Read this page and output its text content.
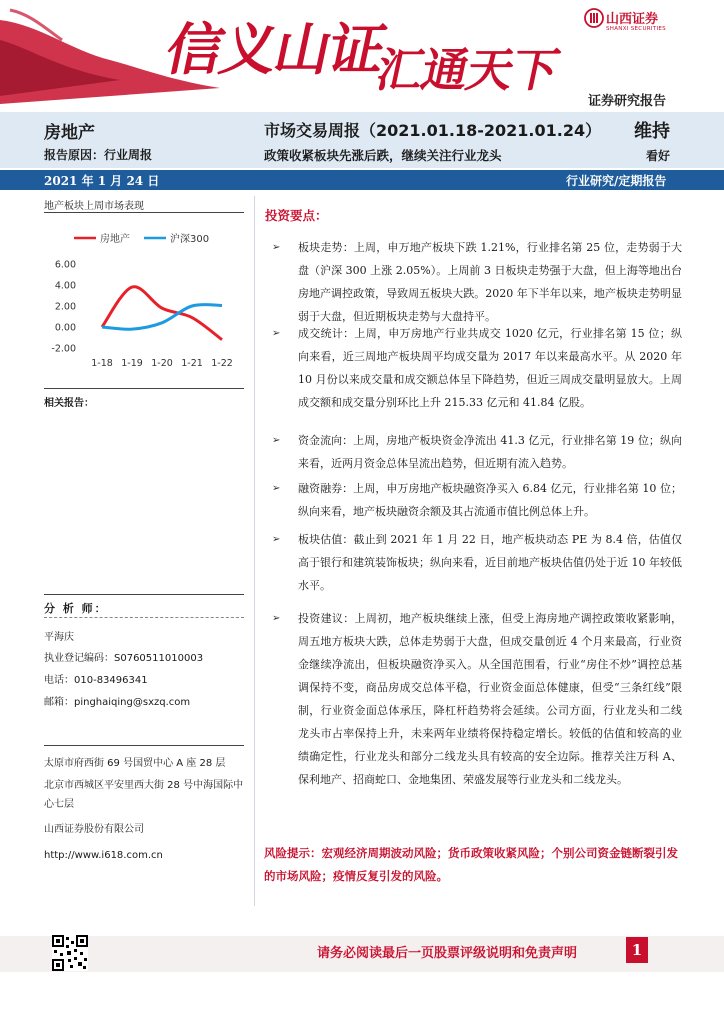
信义山证
汇通天下
山西证券
SHANXI SECURITIES
证券研究报告
房地产
报告原因：行业周报
市场交易周报（2021.01.18-2021.01.24） 维持
政策收紧板块先涨后跌，继续关注行业龙头	看好
2021 年 1 月 24 日	行业研究/定期报告
地产板块上周市场表现
房地产	沪深300
6.00
4.00
2.00
0.00
-2.00
1-18 1-19 1-20 1-21 1-22
相关报告：
分 析 师：
平海庆
执业登记编码：S0760511010003
电话：010-83496341
邮箱：pinghaiqing@sxzq.com
太原市府西街 69 号国贸中心 A 座 28 层
北京市西城区平安里西大街 28 号中海国际中心七层
山西证券股份有限公司
http://www.i618.com.cn
投资要点：
➢ 板块走势：上周，申万地产板块下跌 1.21%，行业排名第 25 位，走势弱于大盘（沪深 300 上涨 2.05%）。上周前 3 日板块走势强于大盘，但上海等地出台房地产调控政策，导致周五板块大跌。2020 年下半年以来，地产板块走势明显弱于大盘，但近期板块走势与大盘持平。
➢ 成交统计：上周，申万房地产行业共成交 1020 亿元，行业排名第 15 位；纵向来看，近三周地产板块周平均成交量为 2017 年以来最高水平。从 2020 年 10 月份以来成交量和成交额总体呈下降趋势，但近三周成交量明显放大。上周成交额和成交量分别环比上升 215.33 亿元和 41.84 亿股。
➢ 资金流向：上周，房地产板块资金净流出 41.3 亿元，行业排名第 19 位；纵向来看，近两月资金总体呈流出趋势，但近期有流入趋势。
➢ 融资融券：上周，申万房地产板块融资净买入 6.84 亿元，行业排名第 10 位；纵向来看，地产板块融资余额及其占流通市值比例总体上升。
➢ 板块估值：截止到 2021 年 1 月 22 日，地产板块动态 PE 为 8.4 倍，估值仅高于银行和建筑装饰板块；纵向来看，近目前地产板块估值仍处于近 10 年较低水平。
➢ 投资建议：上周初，地产板块继续上涨，但受上海房地产调控政策收紧影响，周五地方板块大跌，总体走势弱于大盘，但成交量创近 4 个月来最高，行业资金继续净流出，但板块融资净买入。从全国范围看，行业“房住不炒”调控总基调保持不变，商品房成交总体平稳，行业资金面总体健康，但受“三条红线”限制，行业资金面总体承压，降杠杆趋势将会延续。公司方面，行业龙头和二线龙头市占率保持上升，未来两年业绩将保持稳定增长。较低的估值和较高的业绩确定性，行业龙头和部分二线龙头具有较高的安全边际。推荐关注万科 A、保利地产、招商蛇口、金地集团、荣盛发展等行业龙头和二线龙头。
风险提示：宏观经济周期波动风险；货币政策收紧风险；个别公司资金链断裂引发的市场风险；疫情反复引发的风险。
请务必阅读最后一页股票评级说明和免责声明	1
